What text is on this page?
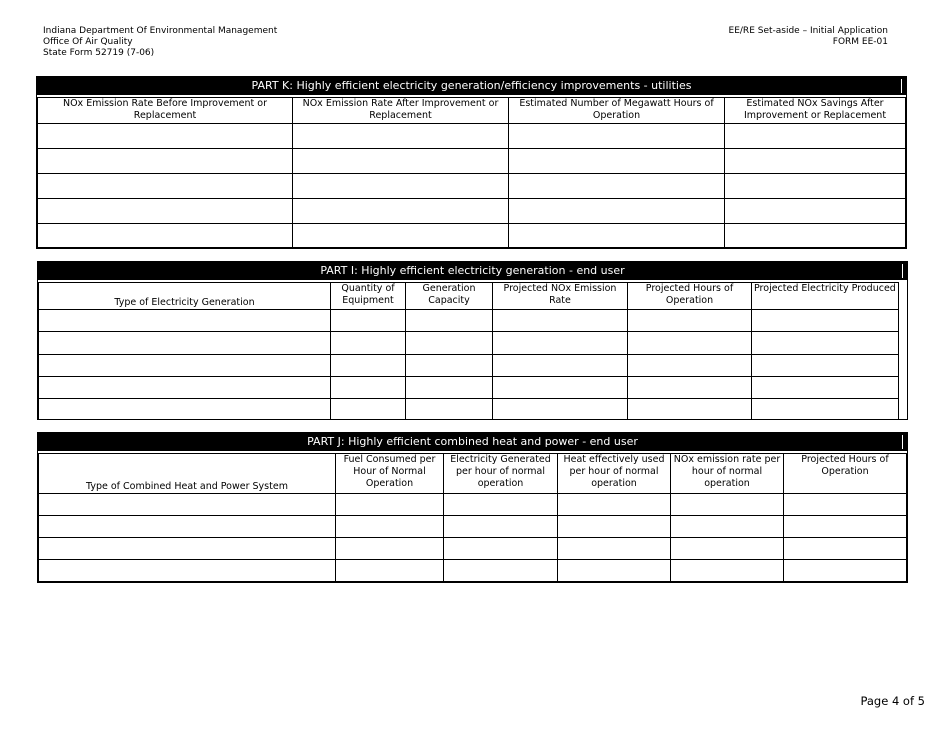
Indiana Department Of Environmental Management
Office Of Air Quality
State Form 52719 (7-06)
EE/RE Set-aside – Initial Application
FORM EE-01
PART K: Highly efficient electricity generation/efficiency improvements - utilities
NOx Emission Rate Before Improvement or Replacement	NOx Emission Rate After Improvement or Replacement	Estimated Number of Megawatt Hours of Operation	Estimated NOx Savings After Improvement or Replacement

PART I: Highly efficient electricity generation - end user
Type of Electricity Generation	Quantity of Equipment	Generation Capacity	Projected NOx Emission Rate	Projected Hours of Operation	Projected Electricity Produced

PART J: Highly efficient combined heat and power - end user
Type of Combined Heat and Power System	Fuel Consumed per Hour of Normal Operation	Electricity Generated per hour of normal operation	Heat effectively used per hour of normal operation	NOx emission rate per hour of normal operation	Projected Hours of Operation

Page 4 of 5
